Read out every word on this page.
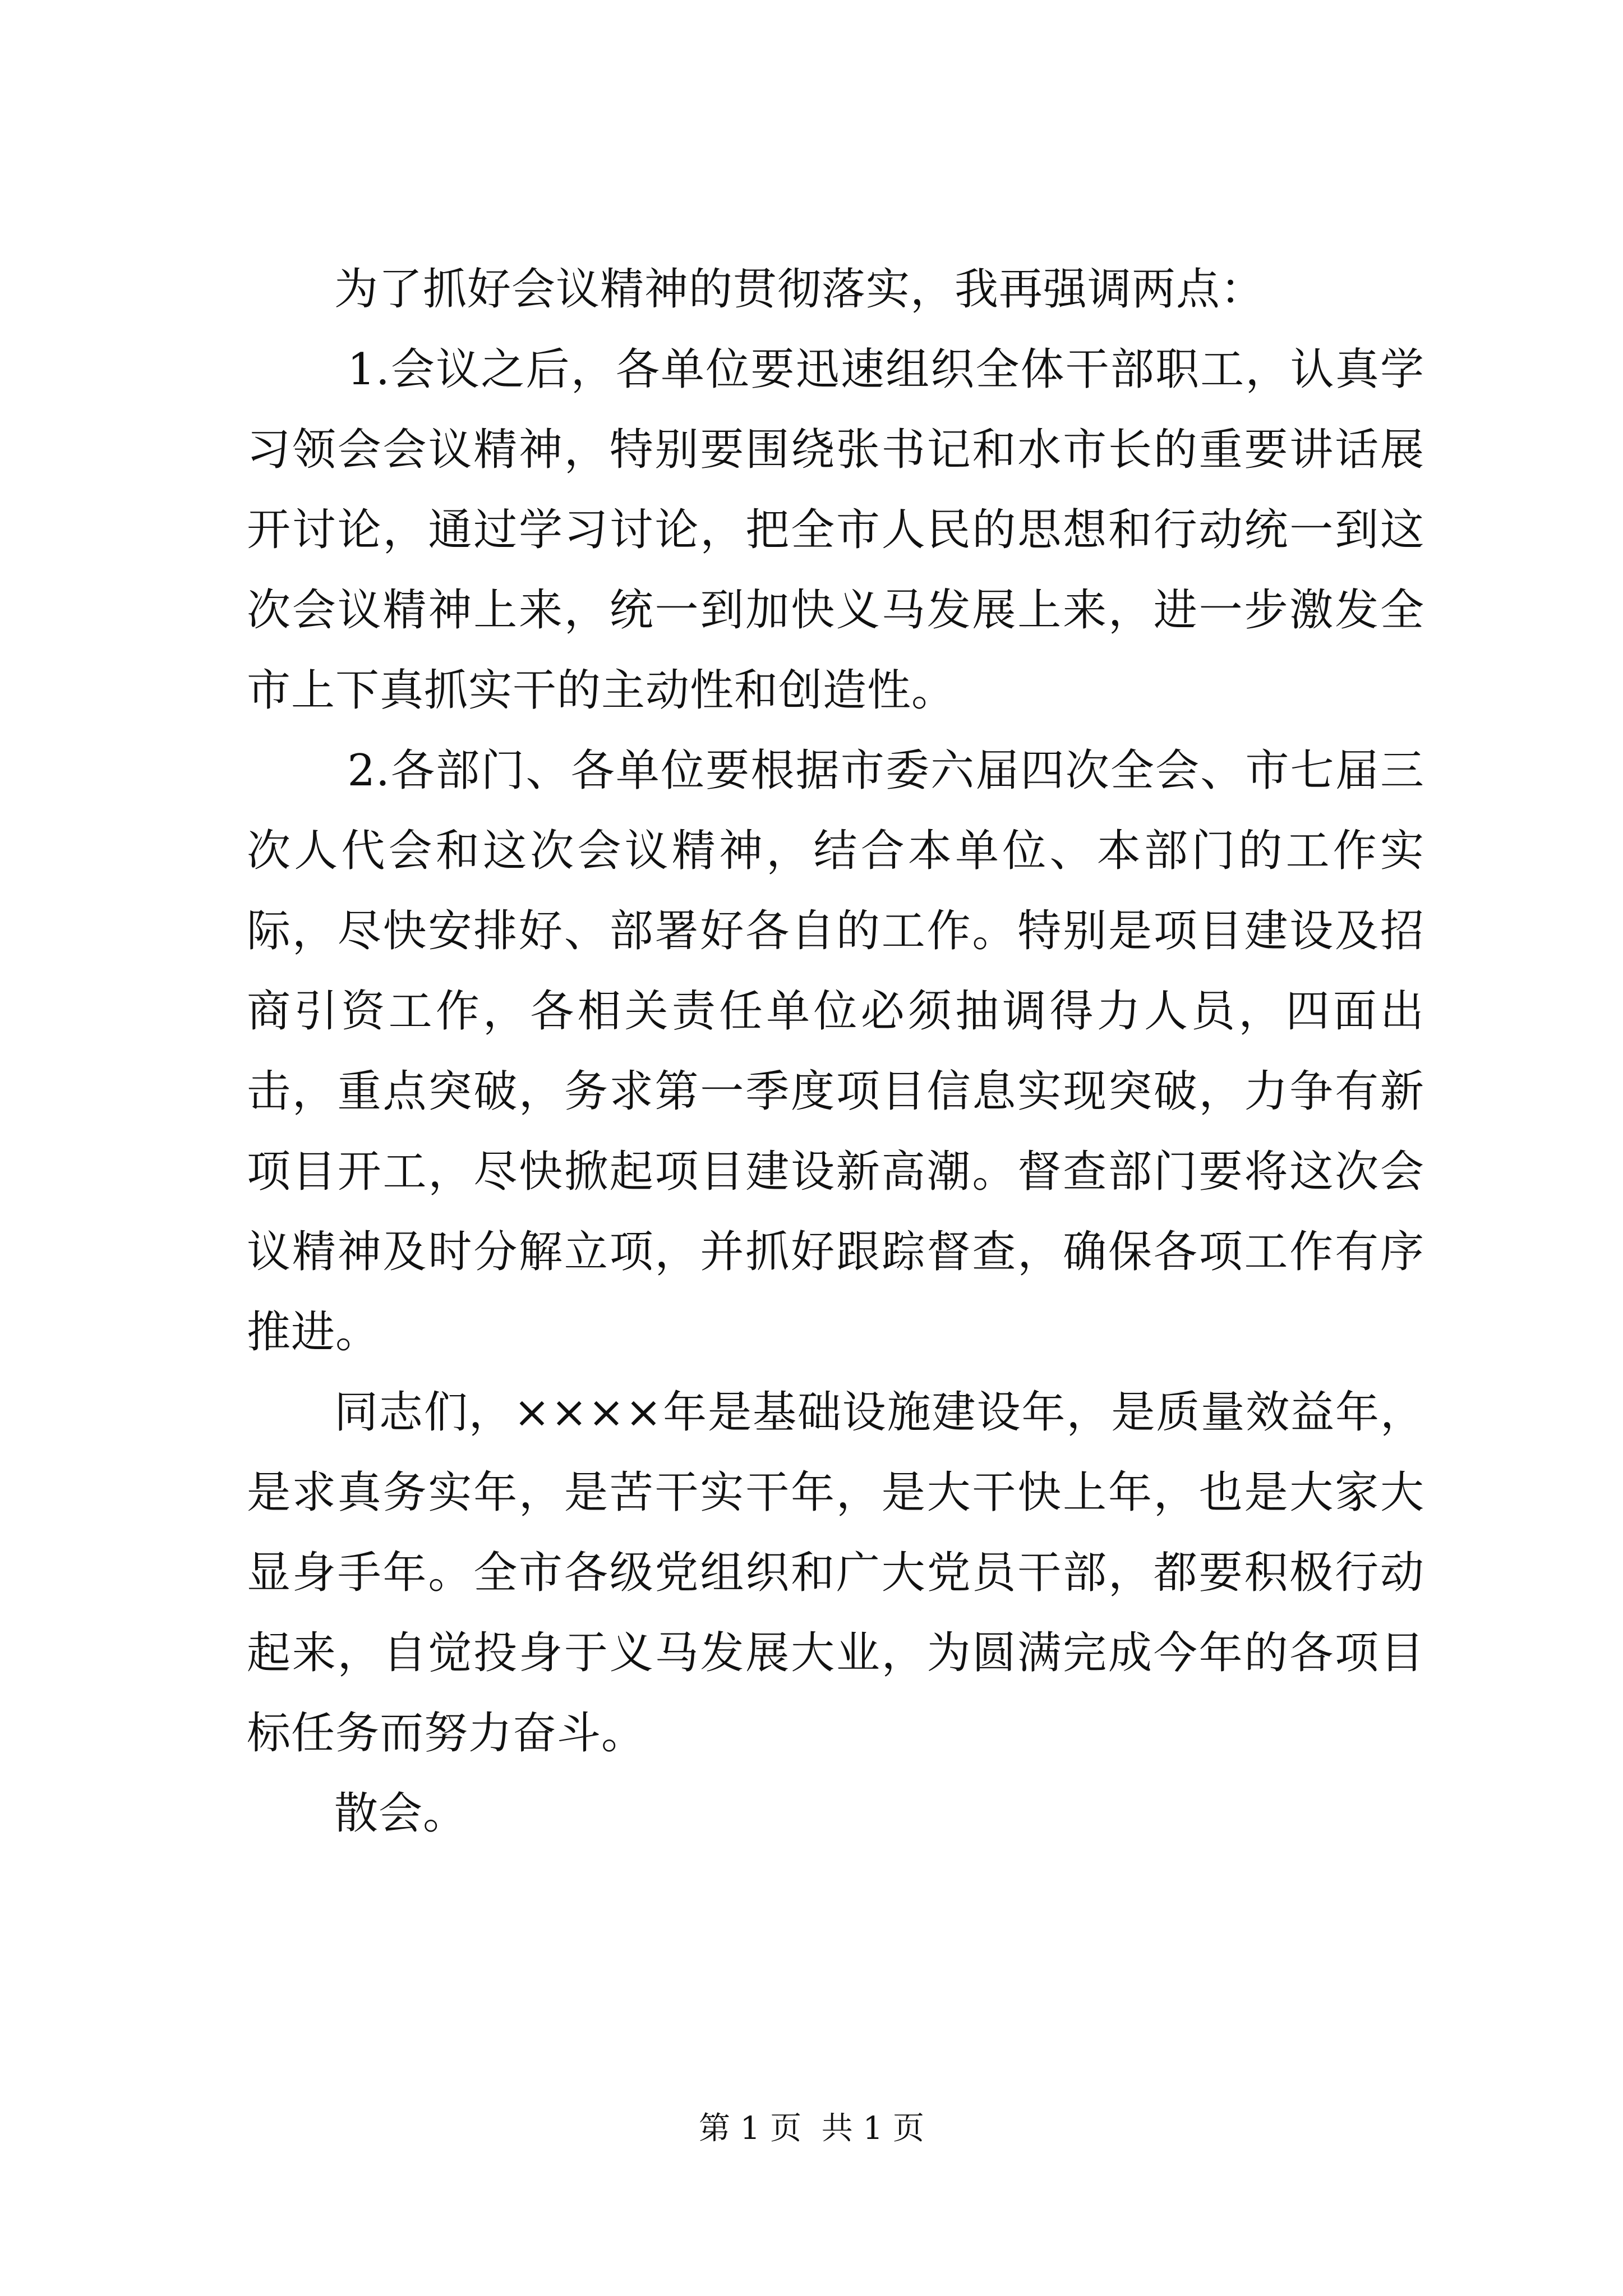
为了抓好会议精神的贯彻落实，我再强调两点：

1.会议之后，各单位要迅速组织全体干部职工，认真学习领会会议精神，特别要围绕张书记和水市长的重要讲话展开讨论，通过学习讨论，把全市人民的思想和行动统一到这次会议精神上来，统一到加快义马发展上来，进一步激发全市上下真抓实干的主动性和创造性。

2.各部门、各单位要根据市委六届四次全会、市七届三次人代会和这次会议精神，结合本单位、本部门的工作实际，尽快安排好、部署好各自的工作。特别是项目建设及招商引资工作，各相关责任单位必须抽调得力人员，四面出击，重点突破，务求第一季度项目信息实现突破，力争有新项目开工，尽快掀起项目建设新高潮。督查部门要将这次会议精神及时分解立项，并抓好跟踪督查，确保各项工作有序推进。

同志们，××××年是基础设施建设年，是质量效益年，是求真务实年，是苦干实干年，是大干快上年，也是大家大显身手年。全市各级党组织和广大党员干部，都要积极行动起来，自觉投身于义马发展大业，为圆满完成今年的各项目标任务而努力奋斗。

散会。

第 1 页  共 1 页
